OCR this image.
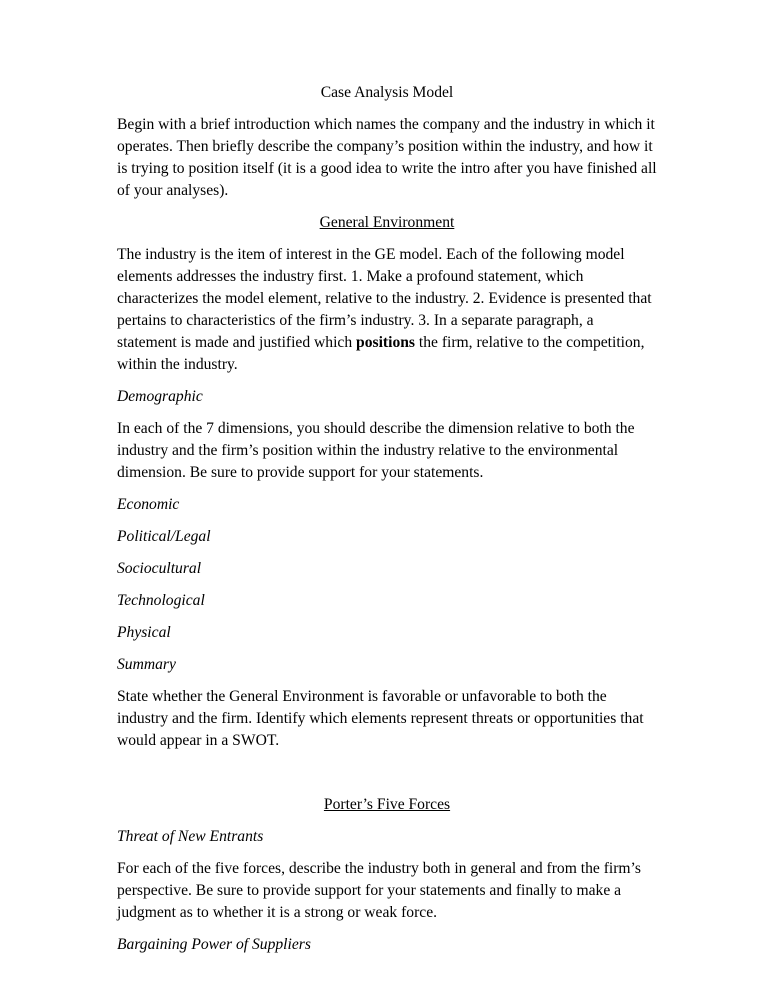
Case Analysis Model

Begin with a brief introduction which names the company and the industry in which it operates. Then briefly describe the company’s position within the industry, and how it is trying to position itself (it is a good idea to write the intro after you have finished all of your analyses).

General Environment

The industry is the item of interest in the GE model. Each of the following model elements addresses the industry first. 1. Make a profound statement, which characterizes the model element, relative to the industry. 2. Evidence is presented that pertains to characteristics of the firm’s industry. 3. In a separate paragraph, a statement is made and justified which positions the firm, relative to the competition, within the industry.

Demographic

In each of the 7 dimensions, you should describe the dimension relative to both the industry and the firm’s position within the industry relative to the environmental dimension. Be sure to provide support for your statements.

Economic

Political/Legal

Sociocultural

Technological

Physical

Summary

State whether the General Environment is favorable or unfavorable to both the industry and the firm. Identify which elements represent threats or opportunities that would appear in a SWOT.

Porter’s Five Forces

Threat of New Entrants

For each of the five forces, describe the industry both in general and from the firm’s perspective. Be sure to provide support for your statements and finally to make a judgment as to whether it is a strong or weak force.

Bargaining Power of Suppliers
